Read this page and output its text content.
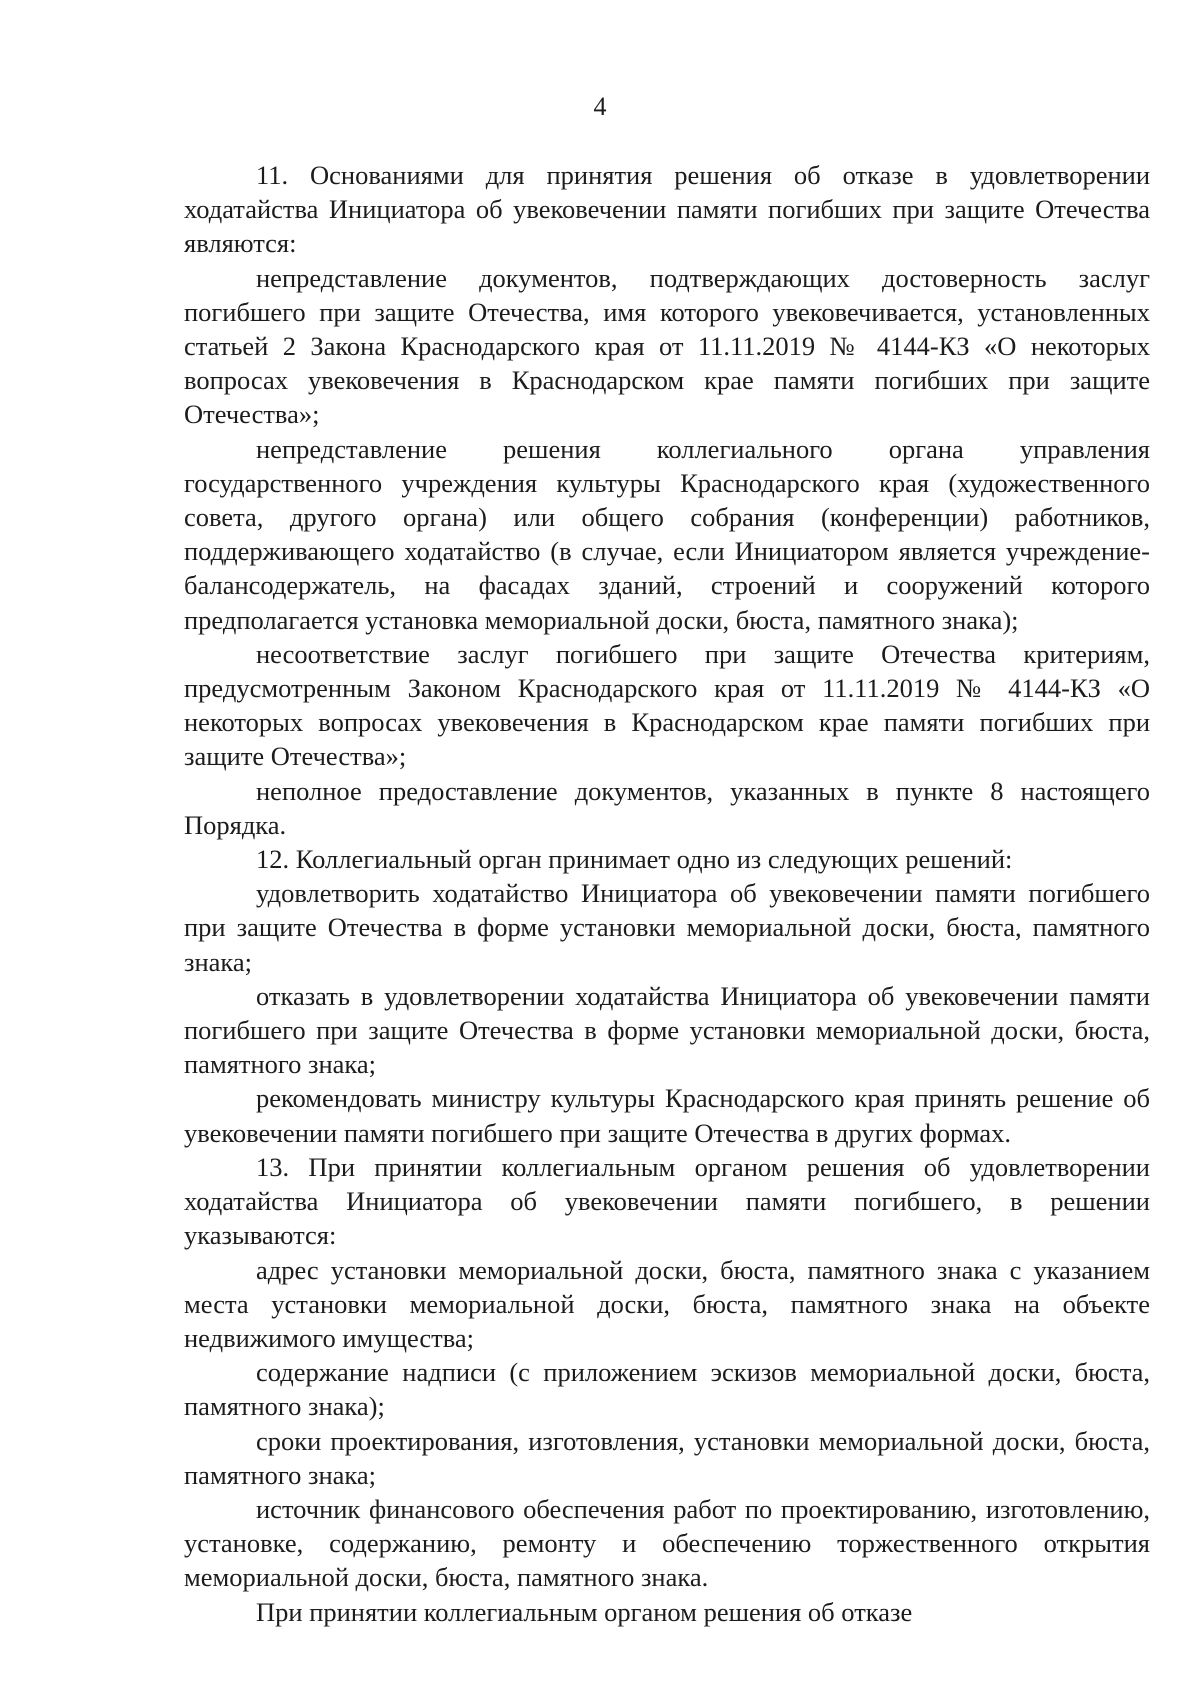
4

11. Основаниями для принятия решения об отказе в удовлетворении ходатайства Инициатора об увековечении памяти погибших при защите Отечества являются:

непредставление документов, подтверждающих достоверность заслуг погибшего при защите Отечества, имя которого увековечивается, установленных статьей 2 Закона Краснодарского края от 11.11.2019 № 4144-КЗ «О некоторых вопросах увековечения в Краснодарском крае памяти погибших при защите Отечества»;

непредставление решения коллегиального органа управления государственного учреждения культуры Краснодарского края (художественного совета, другого органа) или общего собрания (конференции) работников, поддерживающего ходатайство (в случае, если Инициатором является учреждение-балансодержатель, на фасадах зданий, строений и сооружений которого предполагается установка мемориальной доски, бюста, памятного знака);

несоответствие заслуг погибшего при защите Отечества критериям, предусмотренным Законом Краснодарского края от 11.11.2019 № 4144-КЗ «О некоторых вопросах увековечения в Краснодарском крае памяти погибших при защите Отечества»;

неполное предоставление документов, указанных в пункте 8 настоящего Порядка.

12. Коллегиальный орган принимает одно из следующих решений:

удовлетворить ходатайство Инициатора об увековечении памяти погибшего при защите Отечества в форме установки мемориальной доски, бюста, памятного знака;

отказать в удовлетворении ходатайства Инициатора об увековечении памяти погибшего при защите Отечества в форме установки мемориальной доски, бюста, памятного знака;

рекомендовать министру культуры Краснодарского края принять решение об увековечении памяти погибшего при защите Отечества в других формах.

13. При принятии коллегиальным органом решения об удовлетворении ходатайства Инициатора об увековечении памяти погибшего, в решении указываются:

адрес установки мемориальной доски, бюста, памятного знака с указанием места установки мемориальной доски, бюста, памятного знака на объекте недвижимого имущества;

содержание надписи (с приложением эскизов мемориальной доски, бюста, памятного знака);

сроки проектирования, изготовления, установки мемориальной доски, бюста, памятного знака;

источник финансового обеспечения работ по проектированию, изготовлению, установке, содержанию, ремонту и обеспечению торжественного открытия мемориальной доски, бюста, памятного знака.

При принятии коллегиальным органом решения об отказе
